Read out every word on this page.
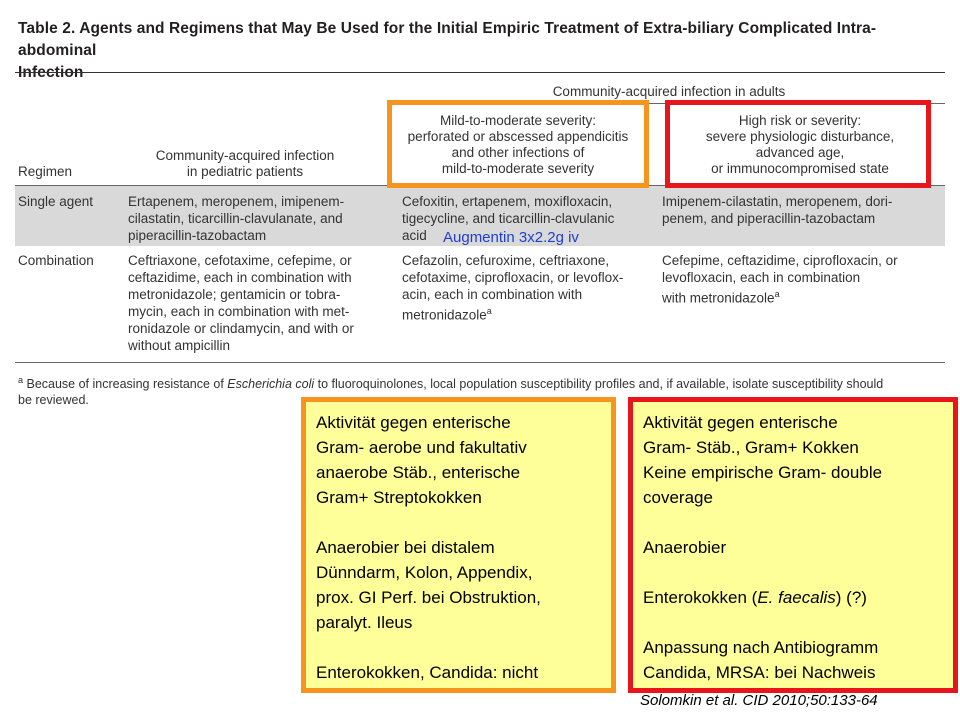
Table 2. Agents and Regimens that May Be Used for the Initial Empiric Treatment of Extra-biliary Complicated Intra-abdominal
Infection
Community-acquired infection in adults
Regimen
Community-acquired infection
in pediatric patients
Mild-to-moderate severity:
perforated or abscessed appendicitis
and other infections of
mild-to-moderate severity
High risk or severity:
severe physiologic disturbance,
advanced age,
or immunocompromised state
Single agent	Ertapenem, meropenem, imipenem-
cilastatin, ticarcillin-clavulanate, and
piperacillin-tazobactam
Cefoxitin, ertapenem, moxifloxacin,
tigecycline, and ticarcillin-clavulanic
acid
Imipenem-cilastatin, meropenem, dori-
penem, and piperacillin-tazobactam
Combination	Ceftriaxone, cefotaxime, cefepime, or
ceftazidime, each in combination with
metronidazole; gentamicin or tobra-
mycin, each in combination with met-
ronidazole or clindamycin, and with or
without ampicillin
Cefazolin, cefuroxime, ceftriaxone,
cefotaxime, ciprofloxacin, or levoflox-
acin, each in combination with
metronidazole$^a$
Cefepime, ceftazidime, ciprofloxacin, or
levofloxacin, each in combination
with metronidazole$^a$
Augmentin 3x2.2g iv
$^a$ Because of increasing resistance of Escherichia coli to fluoroquinolones, local population susceptibility profiles and, if available, isolate susceptibility should
be reviewed.

Aktivität gegen enterische

Gram- aerobe und fakultativ

anaerobe Stäb., enterische

Gram+ Streptokokken

Anaerobier bei distalem

Dünndarm, Kolon, Appendix,

prox. GI Perf. bei Obstruktion,

paralyt. Ileus

Enterokokken, Candida: nicht

Aktivität gegen enterische

Gram- Stäb., Gram+ Kokken

Keine empirische Gram- double

coverage

Anaerobier

Enterokokken (E. faecalis) (?)

Anpassung nach Antibiogramm

Candida, MRSA: bei Nachweis

Solomkin et al. CID 2010;50:133-64
